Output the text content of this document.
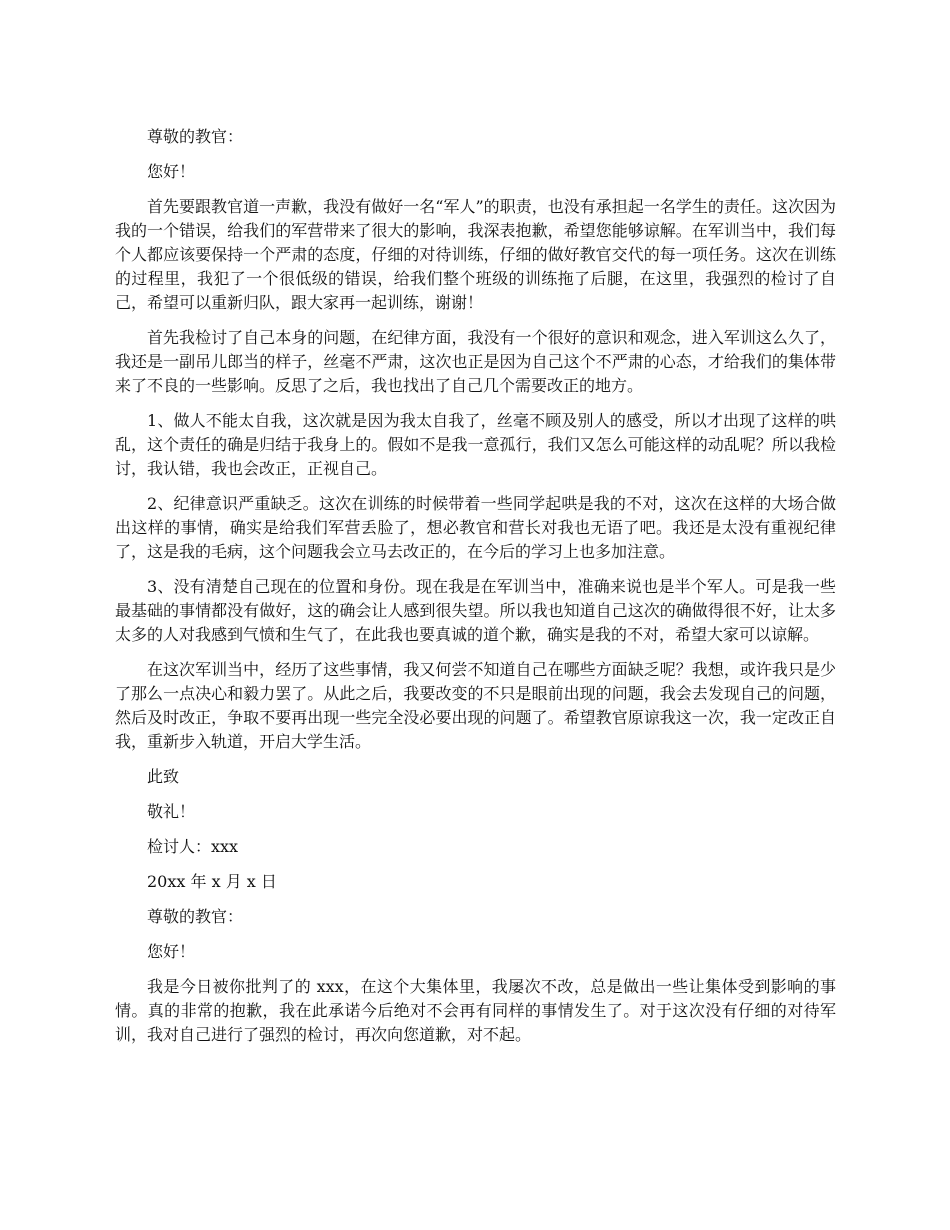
尊敬的教官：

您好！

首先要跟教官道一声歉，我没有做好一名“军人”的职责，也没有承担起一名学生的责任。这次因为我的一个错误，给我们的军营带来了很大的影响，我深表抱歉，希望您能够谅解。在军训当中，我们每个人都应该要保持一个严肃的态度，仔细的对待训练，仔细的做好教官交代的每一项任务。这次在训练的过程里，我犯了一个很低级的错误，给我们整个班级的训练拖了后腿，在这里，我强烈的检讨了自己，希望可以重新归队，跟大家再一起训练，谢谢！

首先我检讨了自己本身的问题，在纪律方面，我没有一个很好的意识和观念，进入军训这么久了，我还是一副吊儿郎当的样子，丝毫不严肃，这次也正是因为自己这个不严肃的心态，才给我们的集体带来了不良的一些影响。反思了之后，我也找出了自己几个需要改正的地方。

1、做人不能太自我，这次就是因为我太自我了，丝毫不顾及别人的感受，所以才出现了这样的哄乱，这个责任的确是归结于我身上的。假如不是我一意孤行，我们又怎么可能这样的动乱呢？所以我检讨，我认错，我也会改正，正视自己。

2、纪律意识严重缺乏。这次在训练的时候带着一些同学起哄是我的不对，这次在这样的大场合做出这样的事情，确实是给我们军营丢脸了，想必教官和营长对我也无语了吧。我还是太没有重视纪律了，这是我的毛病，这个问题我会立马去改正的，在今后的学习上也多加注意。

3、没有清楚自己现在的位置和身份。现在我是在军训当中，准确来说也是半个军人。可是我一些最基础的事情都没有做好，这的确会让人感到很失望。所以我也知道自己这次的确做得很不好，让太多太多的人对我感到气愤和生气了，在此我也要真诚的道个歉，确实是我的不对，希望大家可以谅解。

在这次军训当中，经历了这些事情，我又何尝不知道自己在哪些方面缺乏呢？我想，或许我只是少了那么一点决心和毅力罢了。从此之后，我要改变的不只是眼前出现的问题，我会去发现自己的问题，然后及时改正，争取不要再出现一些完全没必要出现的问题了。希望教官原谅我这一次，我一定改正自我，重新步入轨道，开启大学生活。

此致

敬礼！

检讨人：xxx

20xx 年 x 月 x 日

尊敬的教官：

您好！

我是今日被你批判了的 xxx，在这个大集体里，我屡次不改，总是做出一些让集体受到影响的事情。真的非常的抱歉，我在此承诺今后绝对不会再有同样的事情发生了。对于这次没有仔细的对待军训，我对自己进行了强烈的检讨，再次向您道歉，对不起。
